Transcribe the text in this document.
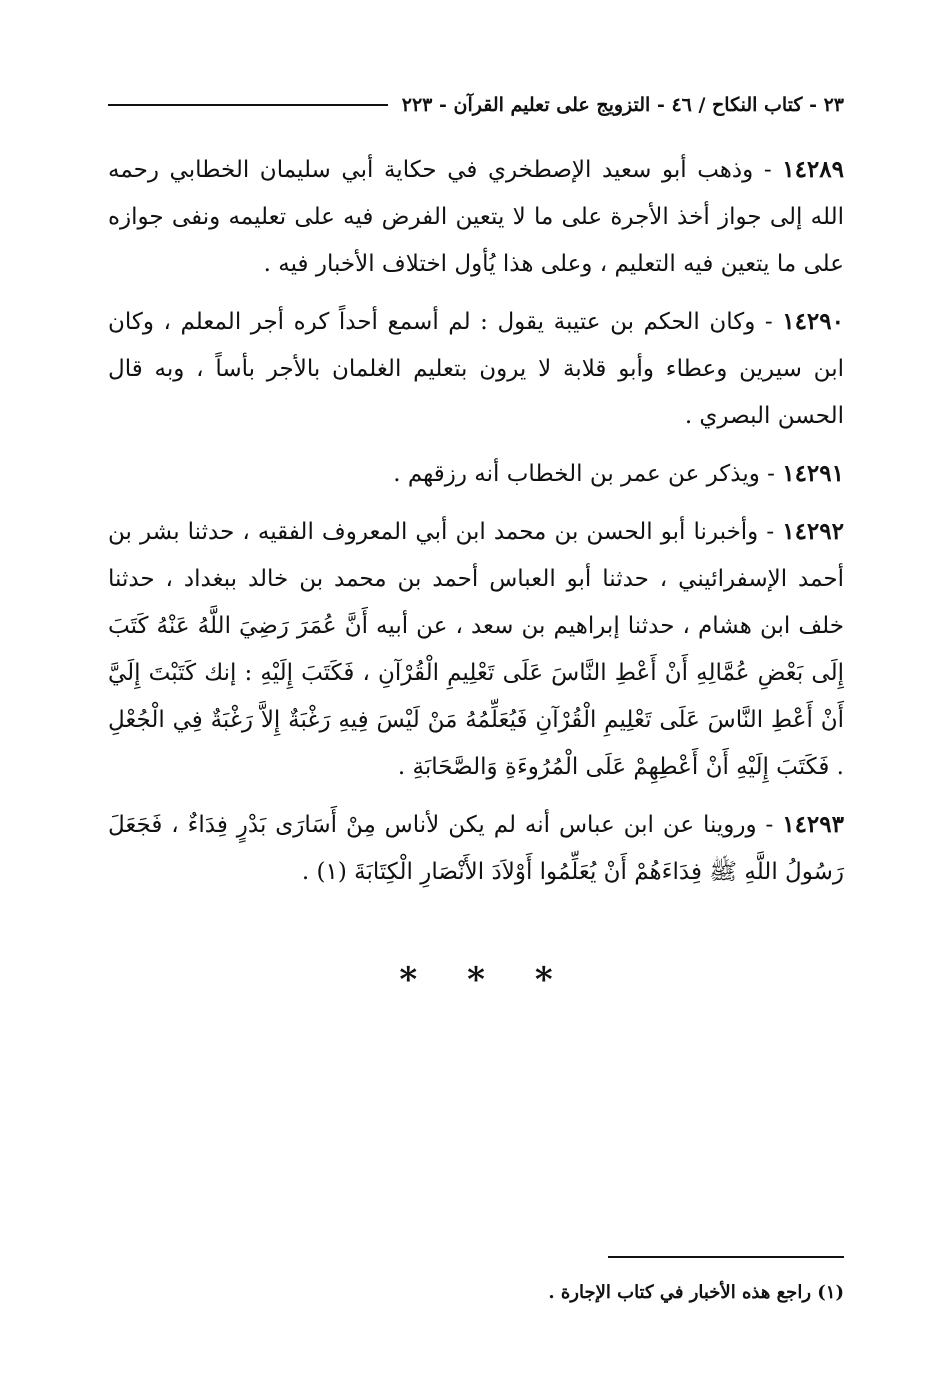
٢٣ - كتاب النكاح / ٤٦ - التزويج على تعليم القرآن - ٢٢٣

١٤٢٨٩ - وذهب أبو سعيد الإصطخري في حكاية أبي سليمان الخطابي رحمه الله إلى جواز أخذ الأجرة على ما لا يتعين الفرض فيه على تعليمه ونفى جوازه على ما يتعين فيه التعليم ، وعلى هذا يُأول اختلاف الأخبار فيه .

١٤٢٩٠ - وكان الحكم بن عتيبة يقول : لم أسمع أحداً كره أجر المعلم ، وكان ابن سيرين وعطاء وأبو قلابة لا يرون بتعليم الغلمان بالأجر بأساً ، وبه قال الحسن البصري .

١٤٢٩١ - ويذكر عن عمر بن الخطاب أنه رزقهم .

١٤٢٩٢ - وأخبرنا أبو الحسن بن محمد ابن أبي المعروف الفقيه ، حدثنا بشر بن أحمد الإسفرائيني ، حدثنا أبو العباس أحمد بن محمد بن خالد ببغداد ، حدثنا خلف ابن هشام ، حدثنا إبراهيم بن سعد ، عن أبيه أَنَّ عُمَرَ رَضِيَ اللَّهُ عَنْهُ كَتَبَ إِلَى بَعْضِ عُمَّالِهِ أَنْ أَعْطِ النَّاسَ عَلَى تَعْلِيمِ الْقُرْآنِ ، فَكَتَبَ إِلَيْهِ : إنك كَتَبْتَ إِلَيَّ أَنْ أَعْطِ النَّاسَ عَلَى تَعْلِيمِ الْقُرْآنِ فَيُعَلِّمُهُ مَنْ لَيْسَ فِيهِ رَغْبَةٌ إِلاَّ رَغْبَةٌ فِي الْجُعْلِ . فَكَتَبَ إِلَيْهِ أَنْ أَعْطِهِمْ عَلَى الْمُرُوءَةِ وَالصَّحَابَةِ .

١٤٢٩٣ - وروينا عن ابن عباس أنه لم يكن لأناس مِنْ أَسَارَى بَدْرٍ فِدَاءٌ ، فَجَعَلَ رَسُولُ اللَّهِ ﷺ فِدَاءَهُمْ أَنْ يُعَلِّمُوا أَوْلاَدَ الأَنْصَارِ الْكِتَابَةَ (١) .

*
*
*
(١) راجع هذه الأخبار في كتاب الإجارة .
